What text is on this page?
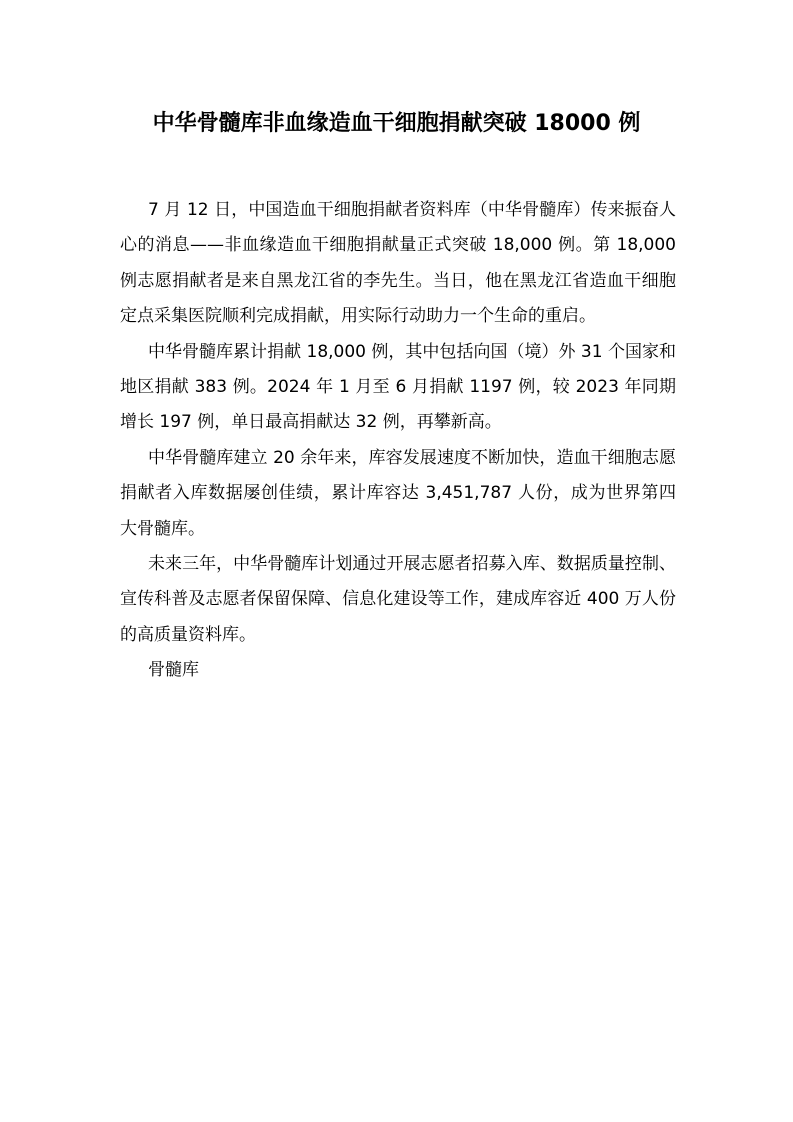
中华骨髓库非血缘造血干细胞捐献突破 18000 例

7 月 12 日，中国造血干细胞捐献者资料库（中华骨髓库）传来振奋人心的消息——非血缘造血干细胞捐献量正式突破 18,000 例。第 18,000 例志愿捐献者是来自黑龙江省的李先生。当日，他在黑龙江省造血干细胞定点采集医院顺利完成捐献，用实际行动助力一个生命的重启。

中华骨髓库累计捐献 18,000 例，其中包括向国（境）外 31 个国家和地区捐献 383 例。2024 年 1 月至 6 月捐献 1197 例，较 2023 年同期增长 197 例，单日最高捐献达 32 例，再攀新高。

中华骨髓库建立 20 余年来，库容发展速度不断加快，造血干细胞志愿捐献者入库数据屡创佳绩，累计库容达 3,451,787 人份，成为世界第四大骨髓库。

未来三年，中华骨髓库计划通过开展志愿者招募入库、数据质量控制、宣传科普及志愿者保留保障、信息化建设等工作，建成库容近 400 万人份的高质量资料库。

骨髓库
